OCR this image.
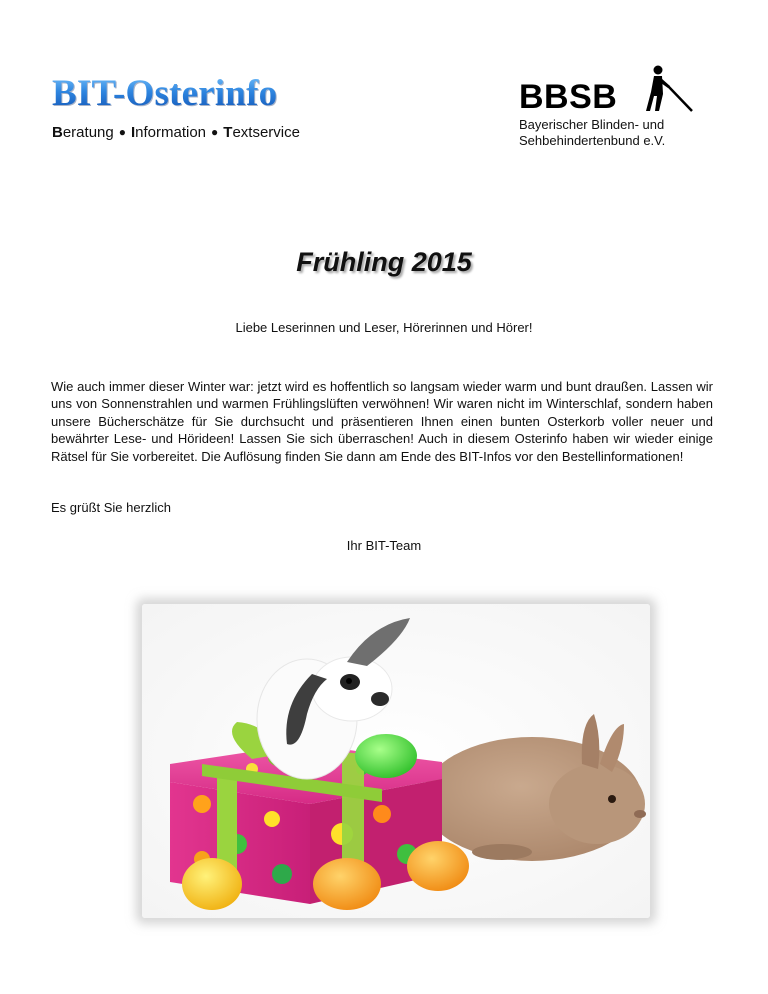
BIT-Osterinfo
Beratung ● Information ● Textservice
BBSB
Bayerischer Blinden- und
Sehbehindertenbund e.V.
Frühling 2015
Liebe Leserinnen und Leser, Hörerinnen und Hörer!
Wie auch immer dieser Winter war: jetzt wird es hoffentlich so langsam wieder warm und bunt draußen. Lassen wir uns von Sonnenstrahlen und warmen Frühlingslüften verwöhnen! Wir waren nicht im Winterschlaf, sondern haben unsere Bücherschätze für Sie durchsucht und präsentieren Ihnen einen bunten Osterkorb voller neuer und bewährter Lese- und Hörideen! Lassen Sie sich überraschen! Auch in diesem Osterinfo haben wir wieder einige Rätsel für Sie vorbereitet. Die Auflösung finden Sie dann am Ende des BIT-Infos vor den Bestellinformationen!
Es grüßt Sie herzlich
Ihr BIT-Team
